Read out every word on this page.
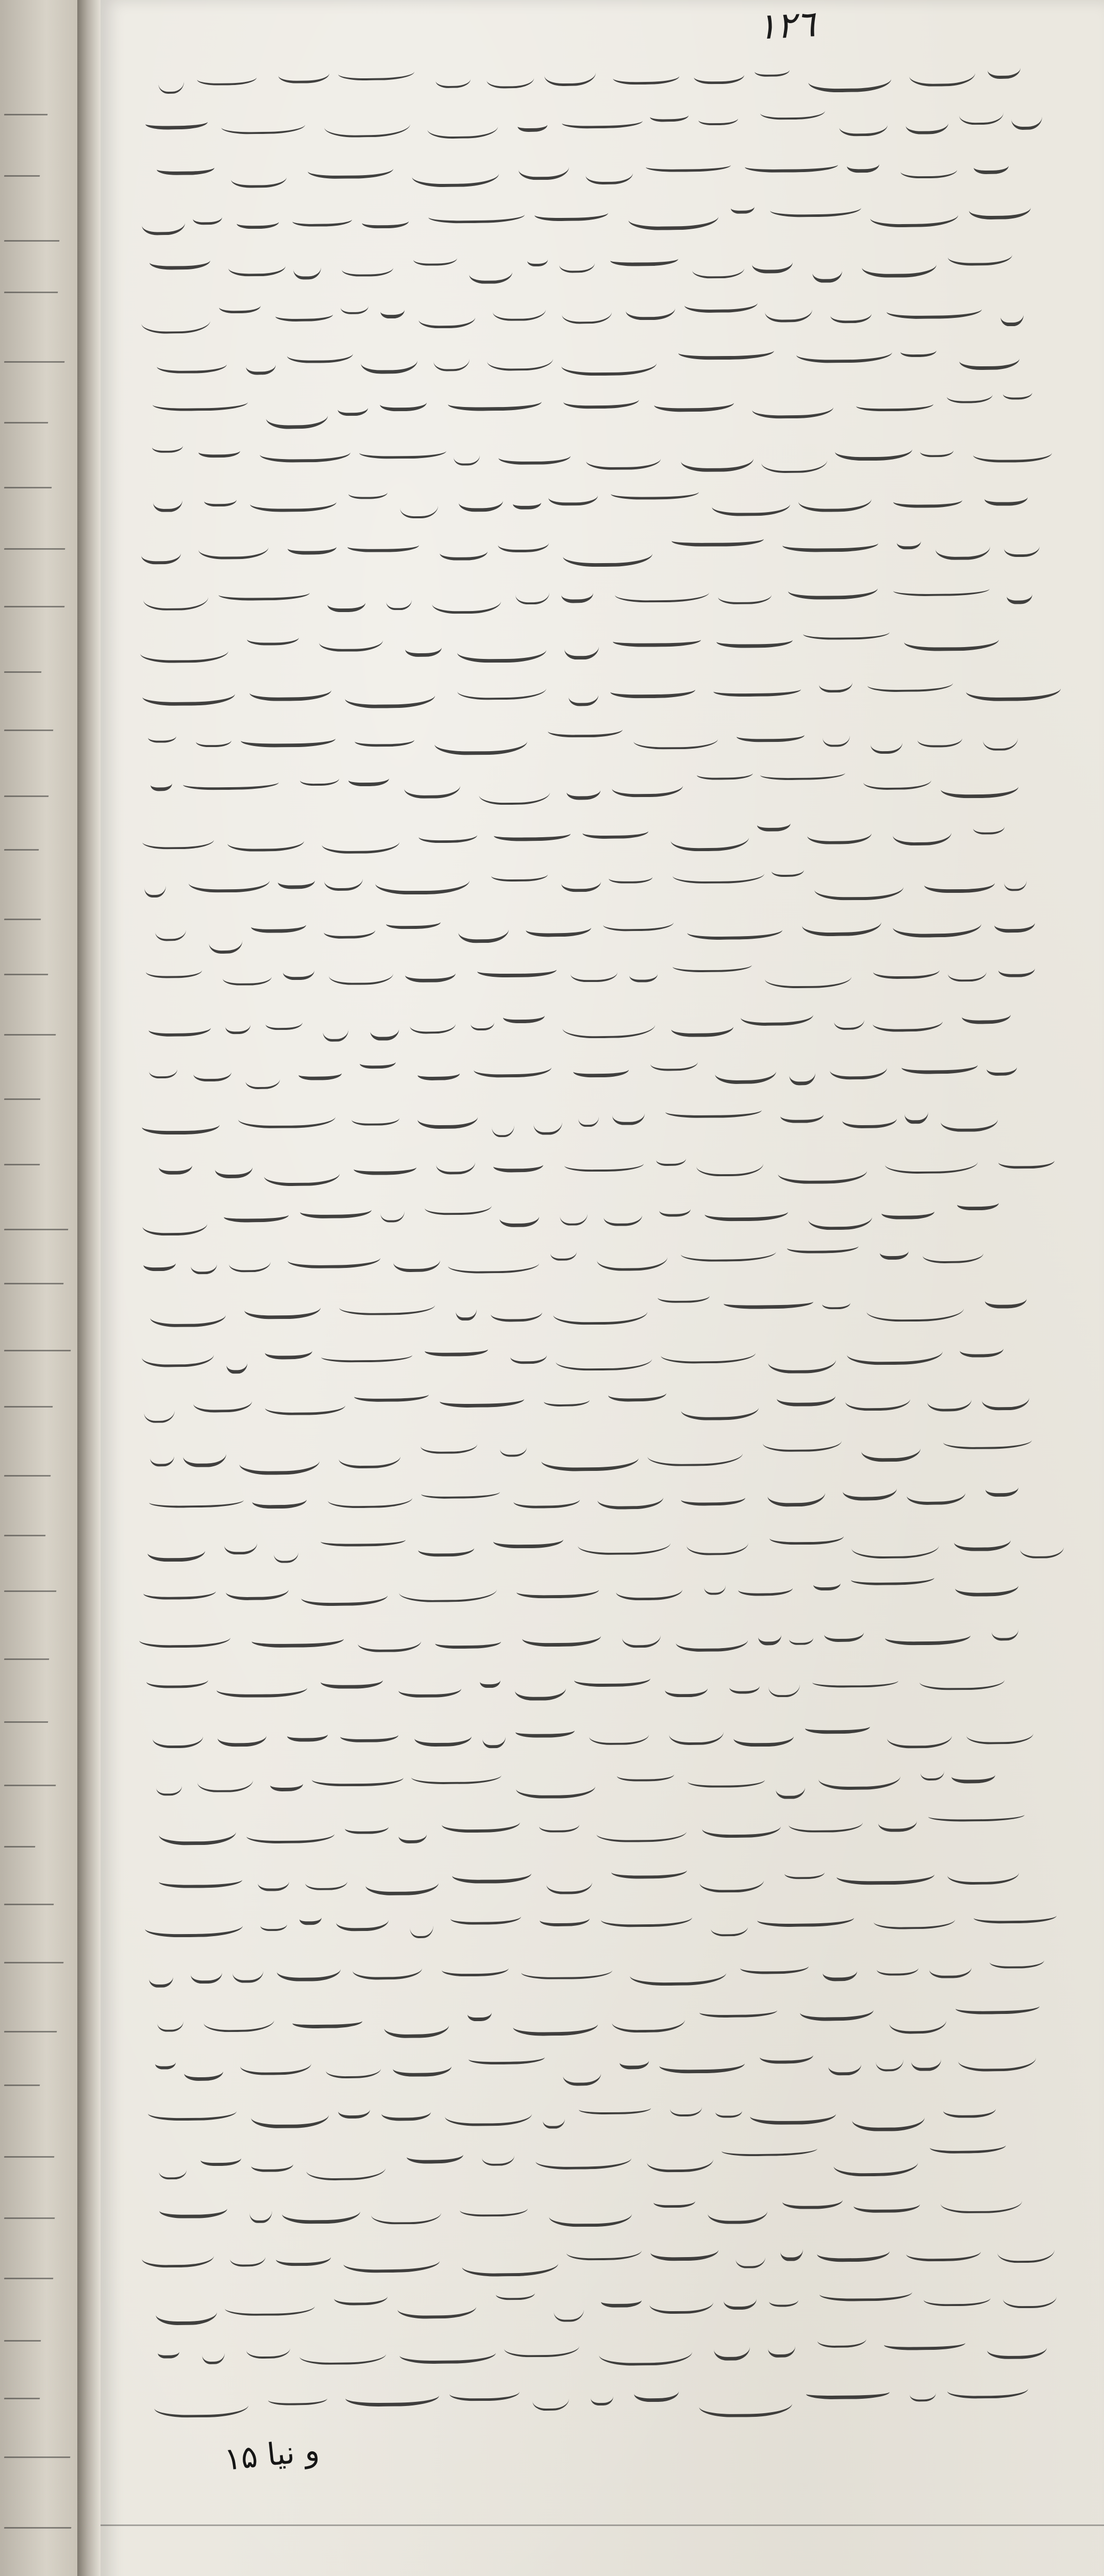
١٢٦
و نیا ۱۵
